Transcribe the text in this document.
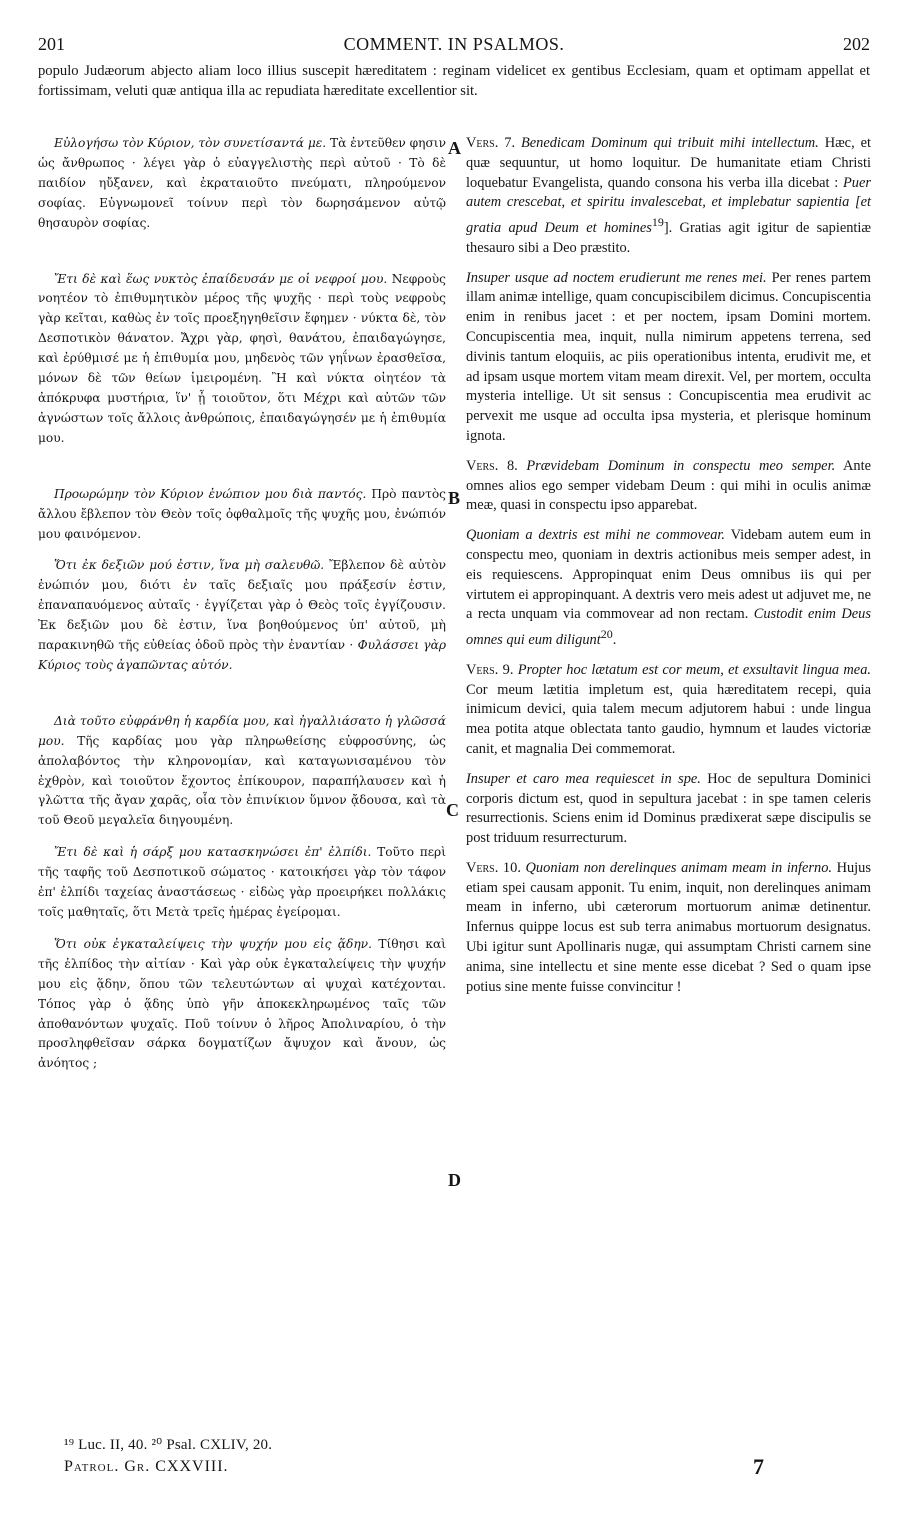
201	COMMENT. IN PSALMOS.	202
populo Judæorum abjecto aliam loco illius suscepit hæreditatem : reginam videlicet ex gentibus Ecclesiam, quam et optimam appellat et fortissimam, veluti quæ antiqua illa ac repudiata hæreditate excellentior sit.

Εὐλογήσω τὸν Κύριον, τὸν συνετίσαντά με. Τὰ ἐντεῦθεν φησιν ὡς ἄνθρωπος · λέγει γὰρ ὁ εὐαγγελιστὴς περὶ αὐτοῦ · Τὸ δὲ παιδίον ηὔξανεν, καὶ ἐκραταιοῦτο πνεύματι, πληρούμενον σοφίας. Εὐγνωμονεῖ τοίνυν περὶ τὸν δωρησάμενον αὐτῷ θησαυρὸν σοφίας.

Ἔτι δὲ καὶ ἕως νυκτὸς ἐπαίδευσάν με οἱ νεφροί μου. Νεφροὺς νοητέον τὸ ἐπιθυμητικὸν μέρος τῆς ψυχῆς · περὶ τοὺς νεφροὺς γὰρ κεῖται, καθὼς ἐν τοῖς προεξηγηθεῖσιν ἔφημεν · νύκτα δὲ, τὸν Δεσποτικὸν θάνατον. Ἄχρι γὰρ, φησὶ, θανάτου, ἐπαιδαγώγησε, καὶ ἐρύθμισέ με ἡ ἐπιθυμία μου, μηδενὸς τῶν γηΐνων ἐρασθεῖσα, μόνων δὲ τῶν θείων ἱμειρομένη. Ἢ καὶ νύκτα οἰητέον τὰ ἀπόκρυφα μυστήρια, ἵν' ᾖ τοιοῦτον, ὅτι Μέχρι καὶ αὐτῶν τῶν ἀγνώστων τοῖς ἄλλοις ἀνθρώποις, ἐπαιδαγώγησέν με ἡ ἐπιθυμία μου.

Προωρώμην τὸν Κύριον ἐνώπιον μου διὰ παντός. Πρὸ παντὸς ἄλλου ἔβλεπον τὸν Θεὸν τοῖς ὀφθαλμοῖς τῆς ψυχῆς μου, ἐνώπιόν μου φαινόμενον.

Ὅτι ἐκ δεξιῶν μού ἐστιν, ἵνα μὴ σαλευθῶ. Ἔβλεπον δὲ αὐτὸν ἐνώπιόν μου, διότι ἐν ταῖς δεξιαῖς μου πράξεσίν ἐστιν, ἐπαναπαυόμενος αὐταῖς · ἐγγίζεται γὰρ ὁ Θεὸς τοῖς ἐγγίζουσιν. Ἐκ δεξιῶν μου δὲ ἐστιν, ἵνα βοηθούμενος ὑπ' αὐτοῦ, μὴ παρακινηθῶ τῆς εὐθείας ὁδοῦ πρὸς τὴν ἐναντίαν · Φυλάσσει γὰρ Κύριος τοὺς ἀγαπῶντας αὐτόν.

Διὰ τοῦτο εὐφράνθη ἡ καρδία μου, καὶ ἠγαλλιάσατο ἡ γλῶσσά μου. Τῆς καρδίας μου γὰρ πληρωθείσης εὐφροσύνης, ὡς ἀπολαβόντος τὴν κληρονομίαν, καὶ καταγωνισαμένου τὸν ἐχθρὸν, καὶ τοιοῦτον ἔχοντος ἐπίκουρον, παραπήλαυσεν καὶ ἡ γλῶττα τῆς ἄγαν χαρᾶς, οἷα τὸν ἐπινίκιον ὕμνον ᾄδουσα, καὶ τὰ τοῦ Θεοῦ μεγαλεῖα διηγουμένη.

Ἔτι δὲ καὶ ἡ σάρξ μου κατασκηνώσει ἐπ' ἐλπίδι. Τοῦτο περὶ τῆς ταφῆς τοῦ Δεσποτικοῦ σώματος · κατοικήσει γὰρ τὸν τάφον ἐπ' ἐλπίδι ταχείας ἀναστάσεως · εἰδὼς γὰρ προειρήκει πολλάκις τοῖς μαθηταῖς, ὅτι Μετὰ τρεῖς ἡμέρας ἐγείρομαι.

Ὅτι οὐκ ἐγκαταλείψεις τὴν ψυχήν μου εἰς ᾅδην. Τίθησι καὶ τῆς ἐλπίδος τὴν αἰτίαν · Καὶ γὰρ οὐκ ἐγκαταλείψεις τὴν ψυχήν μου εἰς ᾅδην, ὅπου τῶν τελευτώντων αἱ ψυχαὶ κατέχονται. Τόπος γὰρ ὁ ᾅδης ὑπὸ γῆν ἀποκεκληρωμένος ταῖς τῶν ἀποθανόντων ψυχαῖς. Ποῦ τοίνυν ὁ λῆρος Ἀπολιναρίου, ὁ τὴν προσληφθεῖσαν σάρκα δογματίζων ἄψυχον καὶ ἄνουν, ὡς ἀνόητος ;

A
B
C
D

Vers. 7. Benedicam Dominum qui tribuit mihi intellectum. Hæc, et quæ sequuntur, ut homo loquitur. De humanitate etiam Christi loquebatur Evangelista, quando consona his verba illa dicebat : Puer autem crescebat, et spiritu invalescebat, et implebatur sapientia [et gratia apud Deum et homines$^{19}$]. Gratias agit igitur de sapientiæ thesauro sibi a Deo præstito.

Insuper usque ad noctem erudierunt me renes mei. Per renes partem illam animæ intellige, quam concupiscibilem dicimus. Concupiscentia enim in renibus jacet : et per noctem, ipsam Domini mortem. Concupiscentia mea, inquit, nulla nimirum appetens terrena, sed divinis tantum eloquiis, ac piis operationibus intenta, erudivit me, et ad ipsam usque mortem vitam meam direxit. Vel, per mortem, occulta mysteria intellige. Ut sit sensus : Concupiscentia mea erudivit ac pervexit me usque ad occulta ipsa mysteria, et plerisque hominum ignota.

Vers. 8. Prævidebam Dominum in conspectu meo semper. Ante omnes alios ego semper videbam Deum : qui mihi in oculis animæ meæ, quasi in conspectu ipso apparebat.

Quoniam a dextris est mihi ne commovear. Videbam autem eum in conspectu meo, quoniam in dextris actionibus meis semper adest, in eis requiescens. Appropinquat enim Deus omnibus iis qui per virtutem ei appropinquant. A dextris vero meis adest ut adjuvet me, ne a recta unquam via commovear ad non rectam. Custodit enim Deus omnes qui eum diligunt$^{20}$.

Vers. 9. Propter hoc lætatum est cor meum, et exsultavit lingua mea. Cor meum lætitia impletum est, quia hæreditatem recepi, quia inimicum devici, quia talem mecum adjutorem habui : unde lingua mea potita atque oblectata tanto gaudio, hymnum et laudes victoriæ canit, et magnalia Dei commemorat.

Insuper et caro mea requiescet in spe. Hoc de sepultura Dominici corporis dictum est, quod in sepultura jacebat : in spe tamen celeris resurrectionis. Sciens enim id Dominus prædixerat sæpe discipulis se post triduum resurrecturum.

Vers. 10. Quoniam non derelinques animam meam in inferno. Hujus etiam spei causam apponit. Tu enim, inquit, non derelinques animam meam in inferno, ubi cæterorum mortuorum animæ detinentur. Infernus quippe locus est sub terra animabus mortuorum designatus. Ubi igitur sunt Apollinaris nugæ, qui assumptam Christi carnem sine anima, sine intellectu et sine mente esse dicebat ? Sed o quam ipse potius sine mente fuisse convincitur !

¹⁹ Luc. II, 40. ²⁰ Psal. CXLIV, 20.
Patrol. Gr. CXXVIII.	7
